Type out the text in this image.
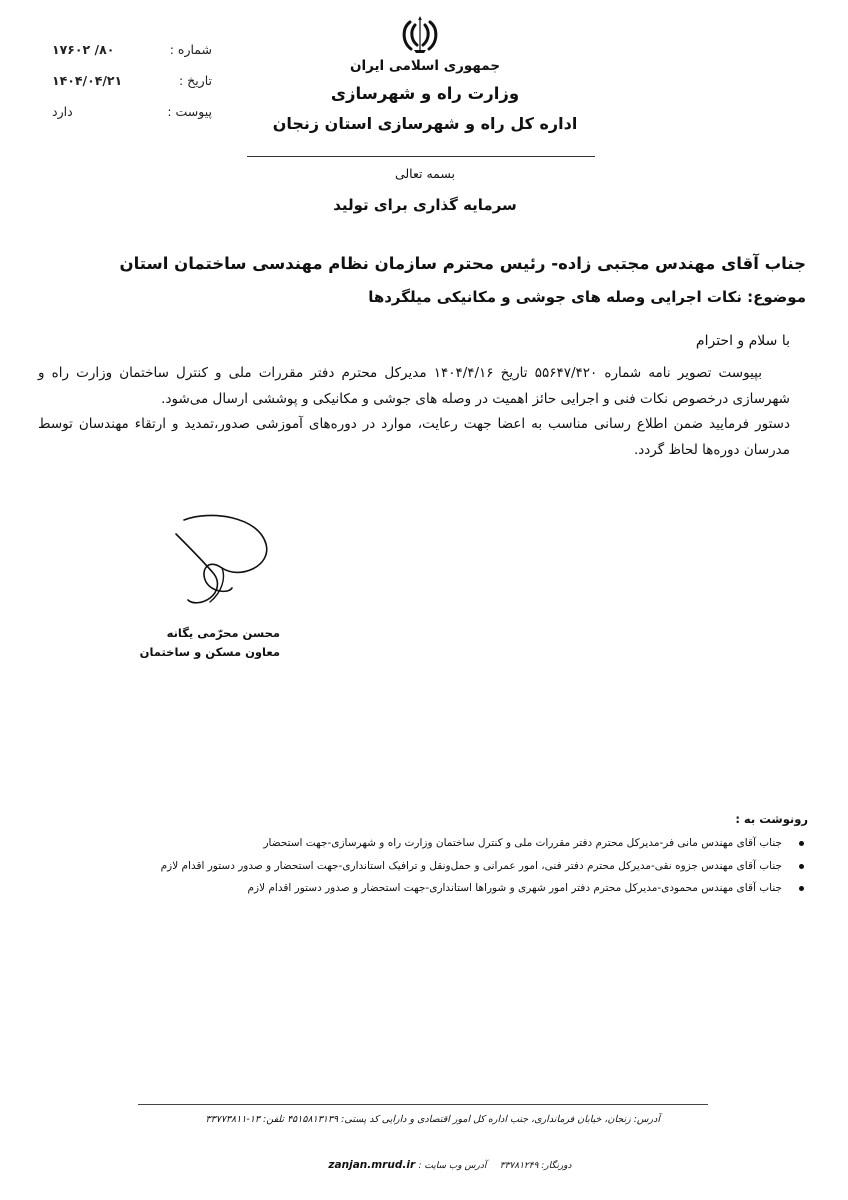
شماره :
۸۰/ ۱۷۶۰۲
تاریخ :
۱۴۰۴/۰۴/۲۱
پیوست :
دارد
جمهوری اسلامی ایران
وزارت راه و شهرسازی
اداره کل راه و شهرسازی استان زنجان
بسمه تعالی
سرمایه گذاری برای تولید
جناب آقای مهندس مجتبی زاده- رئیس محترم سازمان نظام مهندسی ساختمان استان
موضوع: نکات اجرایی وصله های جوشی و مکانیکی میلگردها
با سلام و احترام

بپیوست تصویر نامه شماره ۵۵۶۴۷/۴۲۰ تاریخ ۱۴۰۴/۴/۱۶ مدیرکل محترم دفتر مقررات ملی و کنترل ساختمان وزارت راه و شهرسازی درخصوص نکات فنی و اجرایی حائز اهمیت در وصله های جوشی و مکانیکی و پوششی ارسال می‌شود.

دستور فرمایید ضمن اطلاع رسانی مناسب به اعضا جهت رعایت، موارد در دوره‌های آموزشی صدور،تمدید و ارتقاء مهندسان توسط مدرسان دوره‌ها لحاظ گردد.

محسن محرّمی یگانه
معاون مسکن و ساختمان
رونوشت به :
جناب آقای مهندس مانی فر-مدیرکل محترم دفتر مقررات ملی و کنترل ساختمان وزارت راه و شهرسازی-جهت استحضار
جناب آقای مهندس جزوه نقی-مدیرکل محترم دفتر فنی، امور عمرانی و حمل‌ونقل و ترافیک استانداری-جهت استحضار و صدور دستور اقدام لازم
جناب آقای مهندس محمودی-مدیرکل محترم دفتر امور شهری و شوراها استانداری-جهت استحضار و صدور دستور اقدام لازم
آدرس: زنجان، خیابان فرمانداری، جنب اداره کل امور اقتصادی و دارایی کد پستی: ۴۵۱۵۸۱۳۱۳۹ تلفن: ۱۳-۳۳۷۷۳۸۱۱
دورنگار: ۳۳۷۸۱۲۴۹    آدرس وب سایت : zanjan.mrud.ir
